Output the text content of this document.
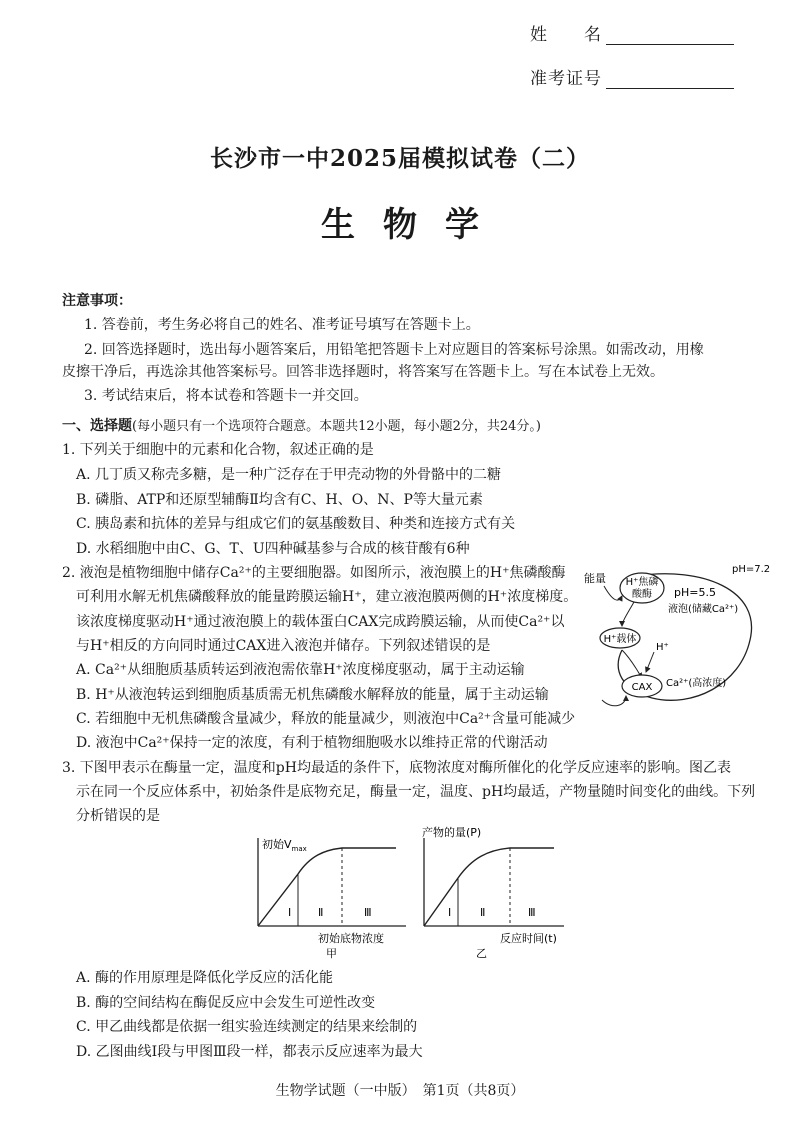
姓　　名
准考证号
长沙市一中2025届模拟试卷（二）
生物学
注意事项：
1. 答卷前，考生务必将自己的姓名、准考证号填写在答题卡上。
2. 回答选择题时，选出每小题答案后，用铅笔把答题卡上对应题目的答案标号涂黑。如需改动，用橡
皮擦干净后，再选涂其他答案标号。回答非选择题时，将答案写在答题卡上。写在本试卷上无效。
3. 考试结束后，将本试卷和答题卡一并交回。
一、选择题(每小题只有一个选项符合题意。本题共12小题，每小题2分，共24分。)
1. 下列关于细胞中的元素和化合物，叙述正确的是
A. 几丁质又称壳多糖，是一种广泛存在于甲壳动物的外骨骼中的二糖
B. 磷脂、ATP和还原型辅酶Ⅱ均含有C、H、O、N、P等大量元素
C. 胰岛素和抗体的差异与组成它们的氨基酸数目、种类和连接方式有关
D. 水稻细胞中由C、G、T、U四种碱基参与合成的核苷酸有6种
2. 液泡是植物细胞中储存Ca²⁺的主要细胞器。如图所示，液泡膜上的H⁺焦磷酸酶
可利用水解无机焦磷酸释放的能量跨膜运输H⁺，建立液泡膜两侧的H⁺浓度梯度。
该浓度梯度驱动H⁺通过液泡膜上的载体蛋白CAX完成跨膜运输，从而使Ca²⁺以
与H⁺相反的方向同时通过CAX进入液泡并储存。下列叙述错误的是
A. Ca²⁺从细胞质基质转运到液泡需依靠H⁺浓度梯度驱动，属于主动运输
B. H⁺从液泡转运到细胞质基质需无机焦磷酸水解释放的能量，属于主动运输
C. 若细胞中无机焦磷酸含量减少，释放的能量减少，则液泡中Ca²⁺含量可能减少
D. 液泡中Ca²⁺保持一定的浓度，有利于植物细胞吸水以维持正常的代谢活动
H⁺焦磷
酸酶
能量
pH=7.2
pH=5.5
液泡(储藏Ca²⁺)
H⁺载体
H⁺
CAX Ca²⁺(高浓度)
3. 下图甲表示在酶量一定，温度和pH均最适的条件下，底物浓度对酶所催化的化学反应速率的影响。图乙表
示在同一个反应体系中，初始条件是底物充足，酶量一定，温度、pH均最适，产物量随时间变化的曲线。下列
分析错误的是
初始$V_{max}$
Ⅰ Ⅱ	Ⅲ
初始底物浓度
甲
产物的量(P)
Ⅰ	Ⅱ	Ⅲ
反应时间(t)
乙
A. 酶的作用原理是降低化学反应的活化能
B. 酶的空间结构在酶促反应中会发生可逆性改变
C. 甲乙曲线都是依据一组实验连续测定的结果来绘制的
D. 乙图曲线Ⅰ段与甲图Ⅲ段一样，都表示反应速率为最大
生物学试题（一中版）　第1页（共8页）
